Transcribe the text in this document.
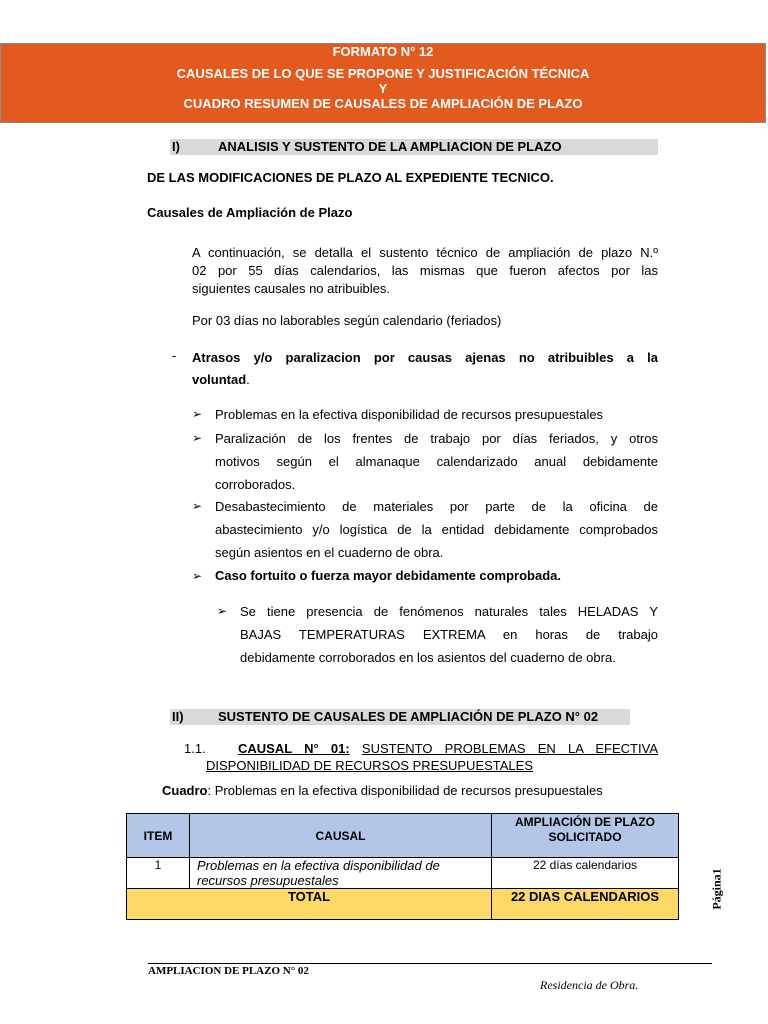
FORMATO N° 12
CAUSALES DE LO QUE SE PROPONE Y JUSTIFICACIÓN TÉCNICA
Y
CUADRO RESUMEN DE CAUSALES DE AMPLIACIÓN DE PLAZO
I)	ANALISIS Y SUSTENTO DE LA AMPLIACION DE PLAZO
DE LAS MODIFICACIONES DE PLAZO AL EXPEDIENTE TECNICO.
Causales de Ampliación de Plazo
A continuación, se detalla el sustento técnico de ampliación de plazo N.º
02 por 55 días calendarios, las mismas que fueron afectos por las
siguientes causales no atribuibles.
Por 03 días no laborables según calendario (feriados)
- Atrasos y/o paralizacion por causas ajenas no atribuibles a la
voluntad.
➢ Problemas en la efectiva disponibilidad de recursos presupuestales
➢ Paralización de los frentes de trabajo por días feriados, y otros
motivos según el almanaque calendarizado anual debidamente
corroborados.
➢ Desabastecimiento de materiales por parte de la oficina de
abastecimiento y/o logística de la entidad debidamente comprobados
según asientos en el cuaderno de obra.
➢ Caso fortuito o fuerza mayor debidamente comprobada.
➢ Se tiene presencia de fenómenos naturales tales HELADAS Y
BAJAS TEMPERATURAS EXTREMA en horas de trabajo
debidamente corroborados en los asientos del cuaderno de obra.
II)	SUSTENTO DE CAUSALES DE AMPLIACIÓN DE PLAZO N° 02
1.1.	CAUSAL N° 01: SUSTENTO PROBLEMAS EN LA EFECTIVA
DISPONIBILIDAD DE RECURSOS PRESUPUESTALES
Cuadro: Problemas en la efectiva disponibilidad de recursos presupuestales
ITEM	CAUSAL	AMPLIACIÓN DE PLAZO
SOLICITADO

1	Problemas en la efectiva disponibilidad de
recursos presupuestales	22 días calendarios
TOTAL		22 DIAS CALENDARIOS	Página1
AMPLIACION DE PLAZO N° 02
Residencia de Obra.
